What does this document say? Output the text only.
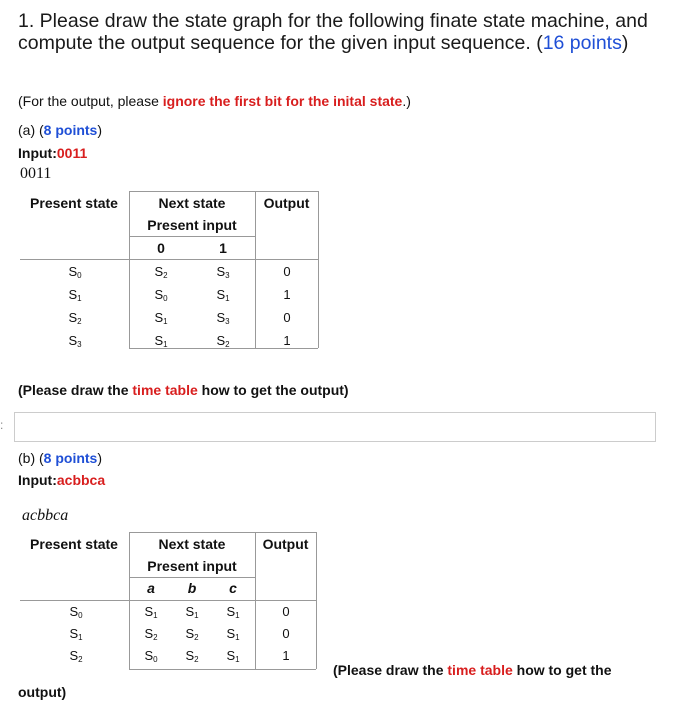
1. Please draw the state graph for the following finate state machine, and compute the output sequence for the given input sequence. (16 points)
(For the output, please ignore the first bit for the inital state.)
(a) (8 points)
Input:0011
0011
Present state	Next state
Present input
Output
0	1
$S_0$	$S_2$	$S_3$	0
$S_1$	$S_0$	$S_1$	1
$S_2$	$S_1$	$S_3$	0
$S_3$	$S_1$	$S_2$	1
(Please draw the time table how to get the output)
:
(b) (8 points)
Input:acbbca
acbbca
Present state	Next state
Present input
Output
a	b	c
$S_0$	$S_1$	$S_1$	$S_1$	0
$S_1$	$S_2$	$S_2$	$S_1$	0
$S_2$	$S_0$	$S_2$	$S_1$	1
(Please draw the time table how to get the
output)
